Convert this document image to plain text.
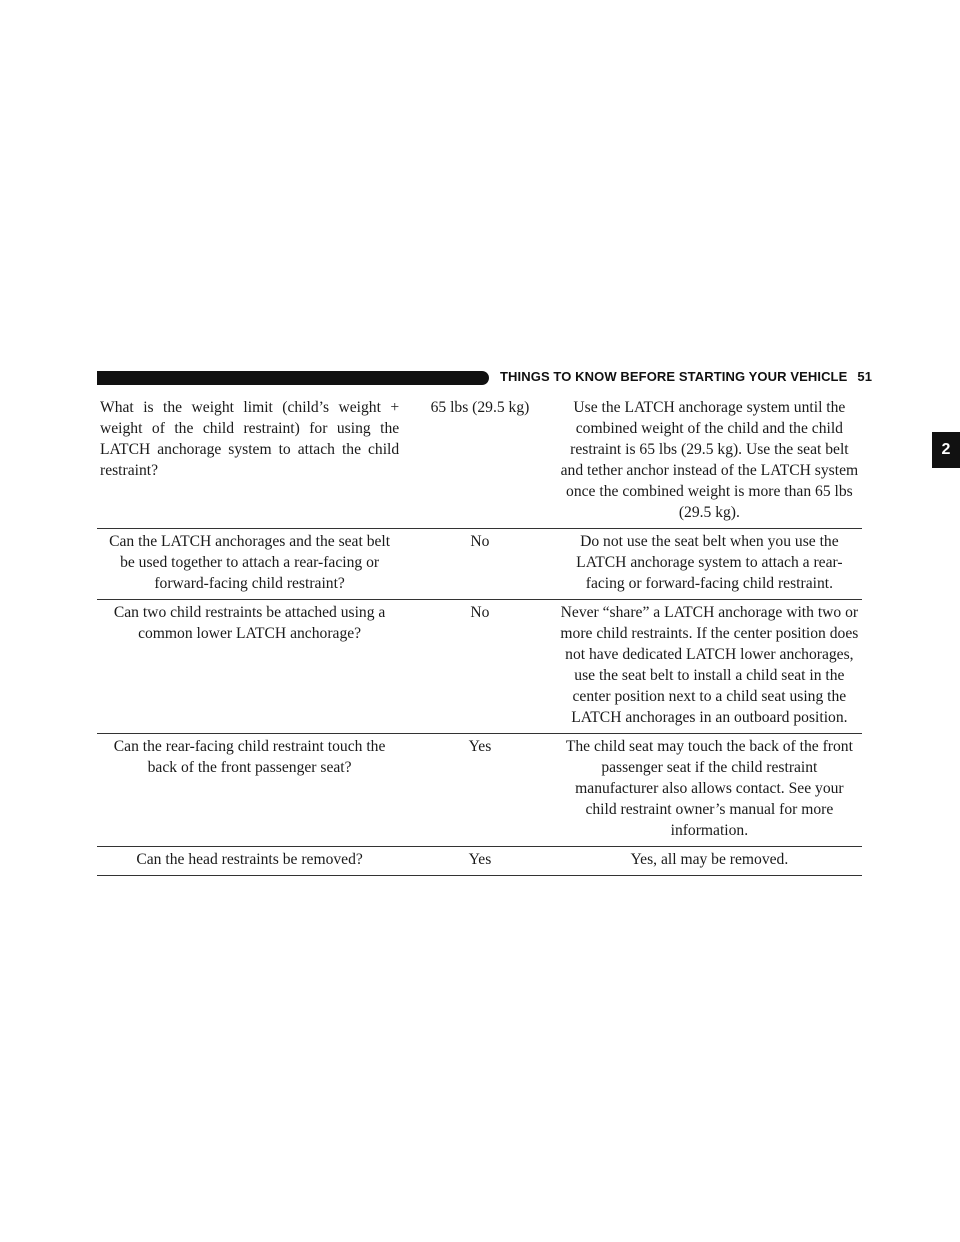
THINGS TO KNOW BEFORE STARTING YOUR VEHICLE 51
2
What is the weight limit (child’s weight + weight of the child restraint) for using the LATCH anchorage system to attach the child restraint?	65 lbs (29.5 kg)	Use the LATCH anchorage system until the combined weight of the child and the child restraint is 65 lbs (29.5 kg). Use the seat belt and tether anchor instead of the LATCH system once the combined weight is more than 65 lbs (29.5 kg).
Can the LATCH anchorages and the seat belt be used together to attach a rear-facing or forward-facing child restraint?	No	Do not use the seat belt when you use the LATCH anchorage system to attach a rear-facing or forward-facing child restraint.
Can two child restraints be attached using a common lower LATCH anchorage?	No	Never “share” a LATCH anchorage with two or more child restraints. If the center position does not have dedicated LATCH lower anchorages, use the seat belt to install a child seat in the center position next to a child seat using the LATCH anchorages in an outboard position.
Can the rear-facing child restraint touch the back of the front passenger seat?	Yes	The child seat may touch the back of the front passenger seat if the child restraint manufacturer also allows contact. See your child restraint owner’s manual for more information.
Can the head restraints be removed?	Yes	Yes, all may be removed.
